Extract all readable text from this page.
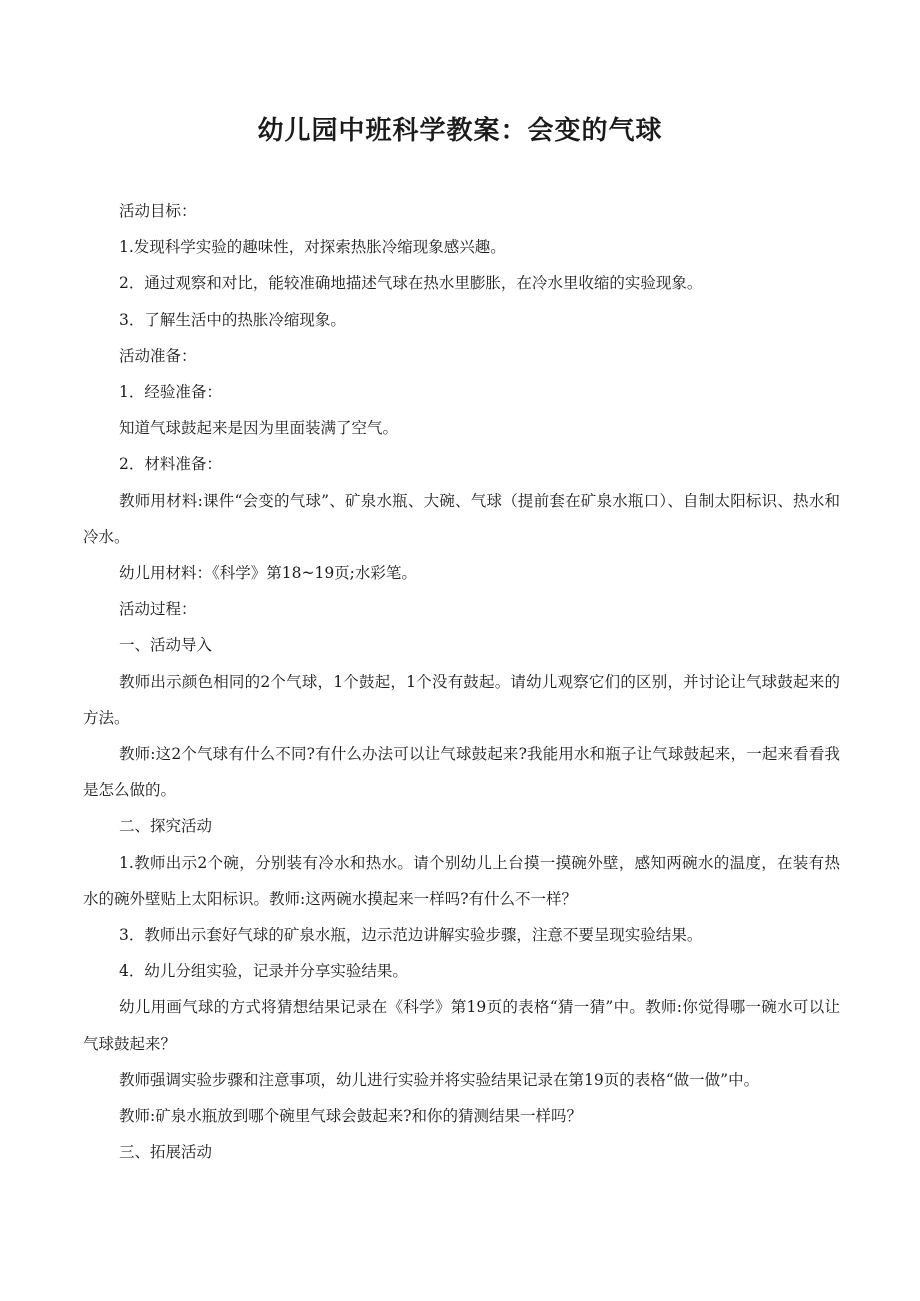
幼儿园中班科学教案：会变的气球

活动目标：

1.发现科学实验的趣味性，对探索热胀冷缩现象感兴趣。

2．通过观察和对比，能较准确地描述气球在热水里膨胀，在冷水里收缩的实验现象。

3．了解生活中的热胀冷缩现象。

活动准备：

1．经验准备：

知道气球鼓起来是因为里面装满了空气。

2．材料准备：

教师用材料:课件“会变的气球”、矿泉水瓶、大碗、气球（提前套在矿泉水瓶口）、自制太阳标识、热水和冷水。

幼儿用材料：《科学》第18~19页;水彩笔。

活动过程：

一、活动导入

教师出示颜色相同的2个气球，1个鼓起，1个没有鼓起。请幼儿观察它们的区别，并讨论让气球鼓起来的方法。

教师:这2个气球有什么不同?有什么办法可以让气球鼓起来?我能用水和瓶子让气球鼓起来，一起来看看我是怎么做的。

二、探究活动

1.教师出示2个碗，分别装有冷水和热水。请个别幼儿上台摸一摸碗外壁，感知两碗水的温度，在装有热水的碗外壁贴上太阳标识。教师:这两碗水摸起来一样吗?有什么不一样？

3．教师出示套好气球的矿泉水瓶，边示范边讲解实验步骤，注意不要呈现实验结果。

4．幼儿分组实验，记录并分享实验结果。

幼儿用画气球的方式将猜想结果记录在《科学》第19页的表格“猜一猜”中。教师:你觉得哪一碗水可以让气球鼓起来？

教师强调实验步骤和注意事项，幼儿进行实验并将实验结果记录在第19页的表格“做一做”中。

教师:矿泉水瓶放到哪个碗里气球会鼓起来?和你的猜测结果一样吗？

三、拓展活动
